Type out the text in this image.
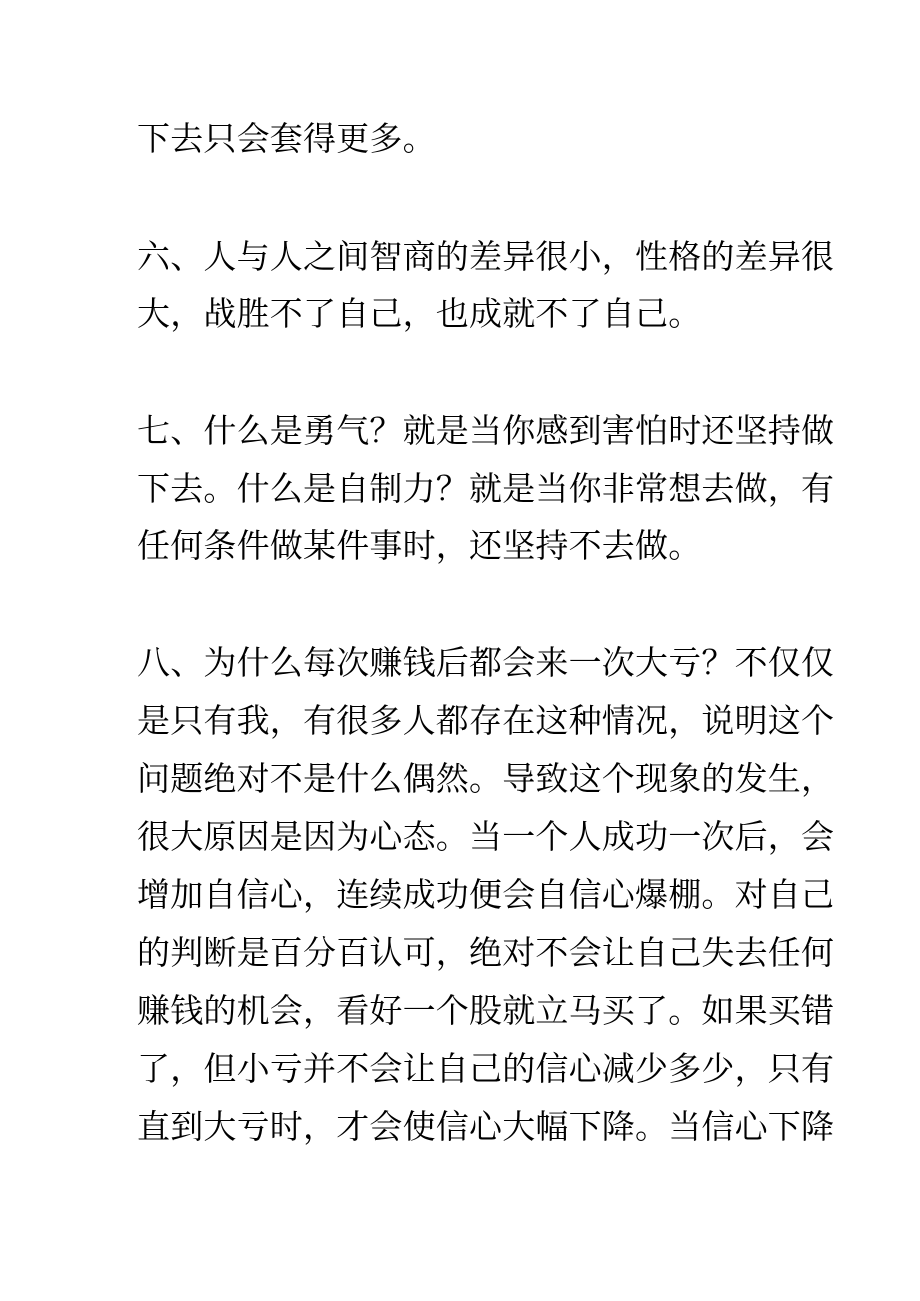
下去只会套得更多。
六、人与人之间智商的差异很小，性格的差异很
大，战胜不了自己，也成就不了自己。
七、什么是勇气？就是当你感到害怕时还坚持做
下去。什么是自制力？就是当你非常想去做，有
任何条件做某件事时，还坚持不去做。
八、为什么每次赚钱后都会来一次大亏？不仅仅
是只有我，有很多人都存在这种情况，说明这个
问题绝对不是什么偶然。导致这个现象的发生，
很大原因是因为心态。当一个人成功一次后，会
增加自信心，连续成功便会自信心爆棚。对自己
的判断是百分百认可，绝对不会让自己失去任何
赚钱的机会，看好一个股就立马买了。如果买错
了，但小亏并不会让自己的信心减少多少，只有
直到大亏时，才会使信心大幅下降。当信心下降
